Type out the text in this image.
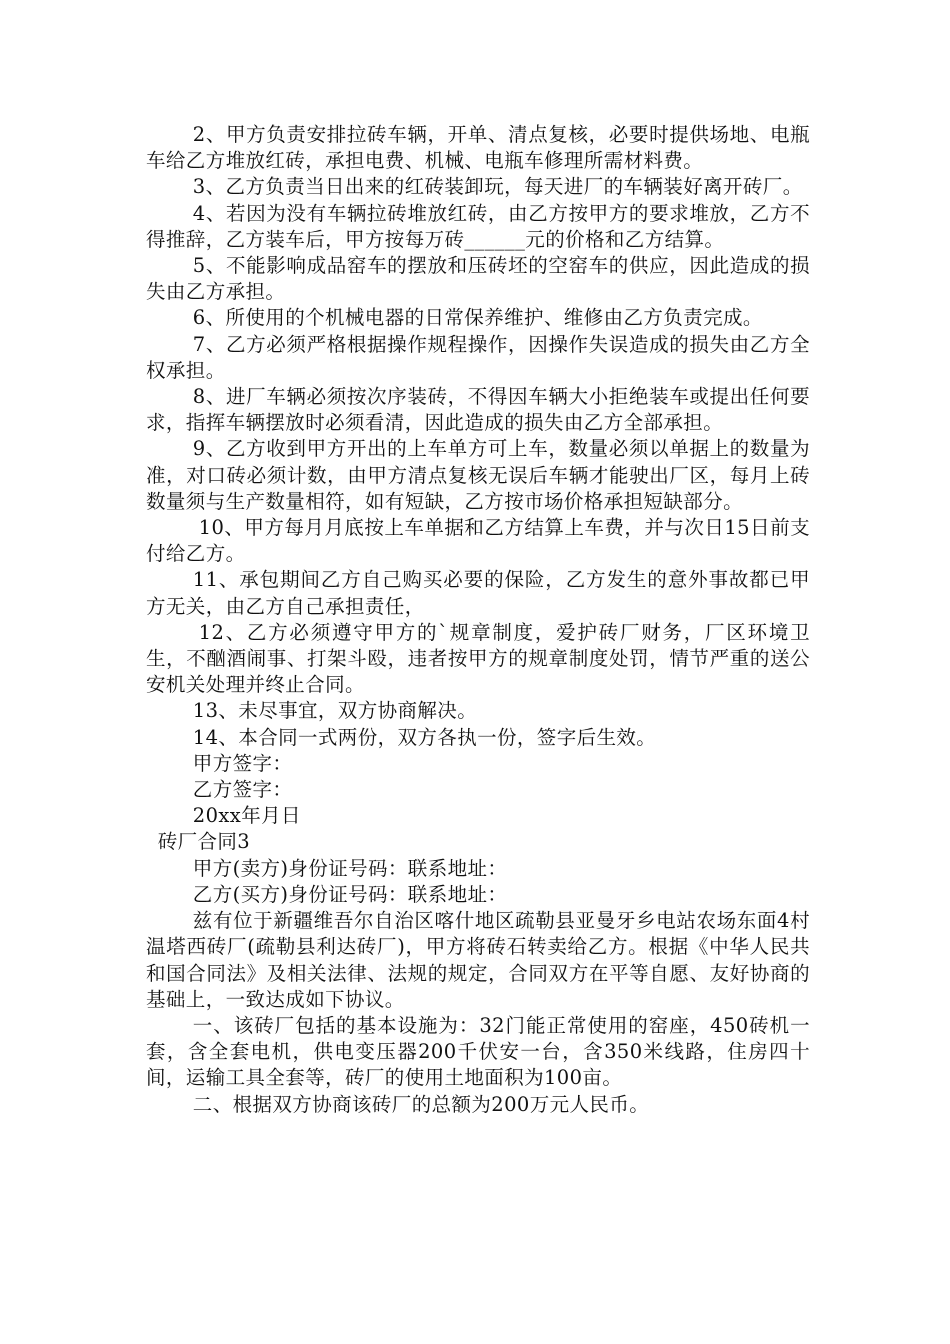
2、甲方负责安排拉砖车辆，开单、清点复核，必要时提供场地、电瓶车给乙方堆放红砖，承担电费、机械、电瓶车修理所需材料费。

3、乙方负责当日出来的红砖装卸玩，每天进厂的车辆装好离开砖厂。

4、若因为没有车辆拉砖堆放红砖，由乙方按甲方的要求堆放，乙方不得推辞，乙方装车后，甲方按每万砖______元的价格和乙方结算。

5、不能影响成品窑车的摆放和压砖坯的空窑车的供应，因此造成的损失由乙方承担。

6、所使用的个机械电器的日常保养维护、维修由乙方负责完成。

7、乙方必须严格根据操作规程操作，因操作失误造成的损失由乙方全权承担。

8、进厂车辆必须按次序装砖，不得因车辆大小拒绝装车或提出任何要求，指挥车辆摆放时必须看清，因此造成的损失由乙方全部承担。

9、乙方收到甲方开出的上车单方可上车，数量必须以单据上的数量为准，对口砖必须计数，由甲方清点复核无误后车辆才能驶出厂区，每月上砖数量须与生产数量相符，如有短缺，乙方按市场价格承担短缺部分。

10、甲方每月月底按上车单据和乙方结算上车费，并与次日15日前支付给乙方。

11、承包期间乙方自己购买必要的保险，乙方发生的意外事故都已甲方无关，由乙方自己承担责任，

12、乙方必须遵守甲方的`规章制度，爱护砖厂财务，厂区环境卫生，不酗酒闹事、打架斗殴，违者按甲方的规章制度处罚，情节严重的送公安机关处理并终止合同。

13、未尽事宜，双方协商解决。

14、本合同一式两份，双方各执一份，签字后生效。

甲方签字：

乙方签字：

20xx年月日

砖厂合同3

甲方(卖方)身份证号码：联系地址：

乙方(买方)身份证号码：联系地址：

兹有位于新疆维吾尔自治区喀什地区疏勒县亚曼牙乡电站农场东面4村温塔西砖厂(疏勒县利达砖厂)，甲方将砖石转卖给乙方。根据《中华人民共和国合同法》及相关法律、法规的规定，合同双方在平等自愿、友好协商的基础上，一致达成如下协议。

一、该砖厂包括的基本设施为：32门能正常使用的窑座，450砖机一套，含全套电机，供电变压器200千伏安一台，含350米线路，住房四十间，运输工具全套等，砖厂的使用土地面积为100亩。

二、根据双方协商该砖厂的总额为200万元人民币。
